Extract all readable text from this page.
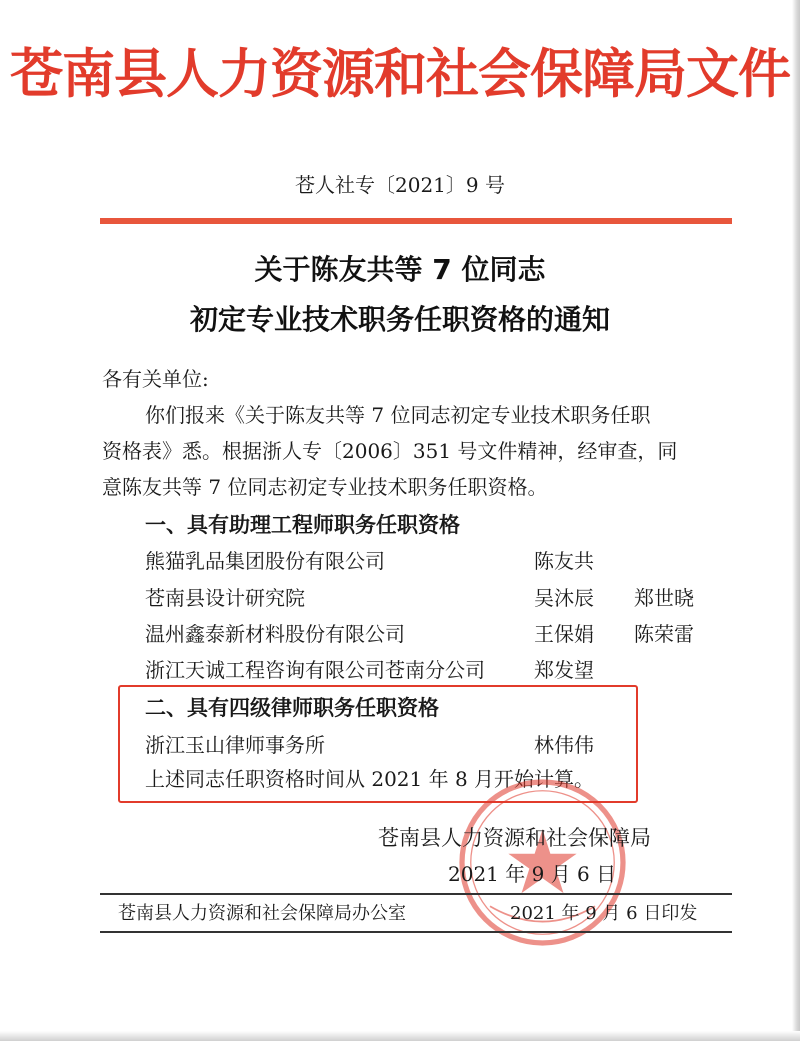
苍南县人力资源和社会保障局文件
苍人社专〔2021〕9 号
关于陈友共等 7 位同志
初定专业技术职务任职资格的通知
各有关单位:
你们报来《关于陈友共等 7 位同志初定专业技术职务任职
资格表》悉。根据浙人专〔2006〕351 号文件精神，经审查，同
意陈友共等 7 位同志初定专业技术职务任职资格。
一、具有助理工程师职务任职资格
熊猫乳品集团股份有限公司	陈友共
苍南县设计研究院	吴沐辰 郑世晓
温州鑫泰新材料股份有限公司	王保娟 陈荣雷
浙江天诚工程咨询有限公司苍南分公司 郑发望
二、具有四级律师职务任职资格
浙江玉山律师事务所	林伟伟
上述同志任职资格时间从 2021 年 8 月开始计算。
苍南县人力资源和社会保障局
2021 年 9 月 6 日
苍南县人力资源和社会保障局办公室	2021 年 9 月 6 日印发
